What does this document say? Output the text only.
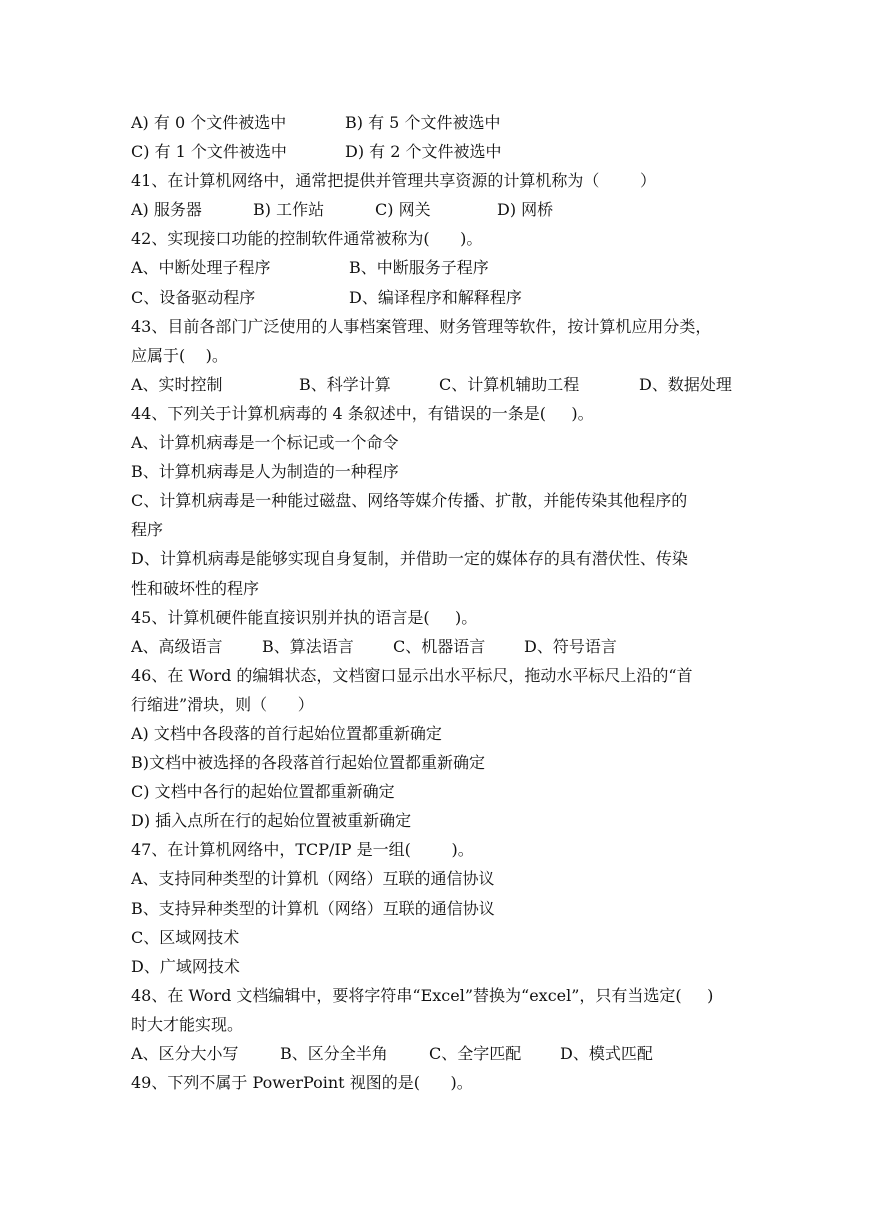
A) 有 0 个文件被选中	B) 有 5 个文件被选中
C) 有 1 个文件被选中	D) 有 2 个文件被选中
41、在计算机网络中，通常把提供并管理共享资源的计算机称为（        ）
A) 服务器	B) 工作站	C) 网关	D) 网桥
42、实现接口功能的控制软件通常被称为(      )。
A、中断处理子程序	B、中断服务子程序
C、设备驱动程序	D、编译程序和解释程序
43、目前各部门广泛使用的人事档案管理、财务管理等软件，按计算机应用分类，
应属于(    )。
A、实时控制	B、科学计算	C、计算机辅助工程	D、数据处理
44、下列关于计算机病毒的 4 条叙述中，有错误的一条是(     )。
A、计算机病毒是一个标记或一个命令
B、计算机病毒是人为制造的一种程序
C、计算机病毒是一种能过磁盘、网络等媒介传播、扩散，并能传染其他程序的
程序
D、计算机病毒是能够实现自身复制，并借助一定的媒体存的具有潜伏性、传染
性和破坏性的程序
45、计算机硬件能直接识别并执的语言是(     )。
A、高级语言 B、算法语言 C、机器语言 D、符号语言
46、在 Word 的编辑状态，文档窗口显示出水平标尺，拖动水平标尺上沿的“首
行缩进”滑块，则（      ）
A) 文档中各段落的首行起始位置都重新确定
B)文档中被选择的各段落首行起始位置都重新确定
C) 文档中各行的起始位置都重新确定
D) 插入点所在行的起始位置被重新确定
47、在计算机网络中，TCP/IP 是一组(        )。
A、支持同种类型的计算机（网络）互联的通信协议
B、支持异种类型的计算机（网络）互联的通信协议
C、区域网技术
D、广域网技术
48、在 Word 文档编辑中，要将字符串“Excel”替换为“excel”，只有当选定(     )
时大才能实现。
A、区分大小写	B、区分全半角	C、全字匹配 D、模式匹配
49、下列不属于 PowerPoint 视图的是(      )。
